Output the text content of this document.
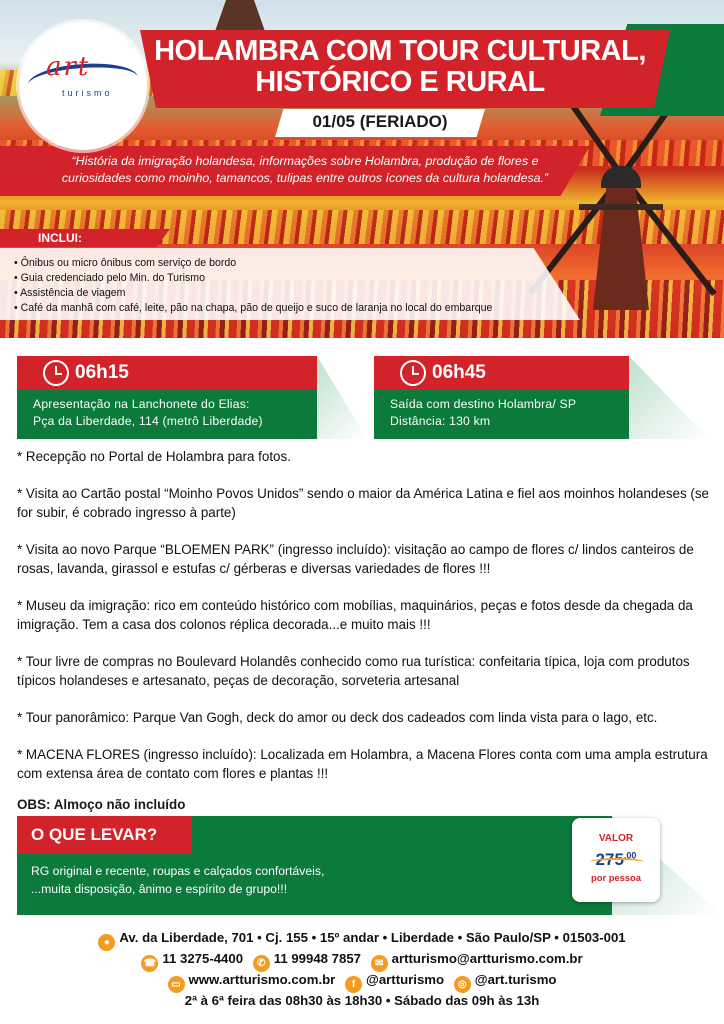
HOLAMBRA COM TOUR CULTURAL,
HISTÓRICO E RURAL
01/05 (FERIADO)
“História da imigração holandesa, informações sobre Holambra, produção de flores e
curiosidades como moinho, tamancos, tulipas entre outros ícones da cultura holandesa.”
INCLUI:
• Ônibus ou micro ônibus com serviço de bordo
• Guia credenciado pelo Min. do Turismo
• Assistência de viagem
• Café da manhã com café, leite, pão na chapa, pão de queijo e suco de laranja no local do embarque
art
turismo
06h15
Apresentação na Lanchonete do Elias:
Pça da Liberdade, 114 (metrô Liberdade)
06h45
Saída com destino Holambra/ SP
Distância: 130 km

* Recepção no Portal de Holambra para fotos.

* Visita ao Cartão postal “Moinho Povos Unidos” sendo o maior da América Latina e fiel aos moinhos holandeses (se for subir, é cobrado ingresso à parte)

* Visita ao novo Parque “BLOEMEN PARK” (ingresso incluído): visitação ao campo de flores c/ lindos canteiros de rosas, lavanda, girassol e estufas c/ gérberas e diversas variedades de flores !!!

* Museu da imigração: rico em conteúdo histórico com mobílias, maquinários, peças e fotos desde da chegada da imigração. Tem a casa dos colonos réplica decorada...e muito mais !!!

* Tour livre de compras no Boulevard Holandês conhecido como rua turística: confeitaria típica, loja com produtos típicos holandeses e artesanato, peças de decoração, sorveteria artesanal

* Tour panorâmico: Parque Van Gogh, deck do amor ou deck dos cadeados com linda vista para o lago, etc.

* MACENA FLORES (ingresso incluído): Localizada em Holambra, a Macena Flores conta com uma ampla estrutura com extensa área de contato com flores e plantas !!!

OBS: Almoço não incluído
O QUE LEVAR?
RG original e recente, roupas e calçados confortáveis,
...muita disposição, ânimo e espírito de grupo!!!
VALOR
$275^{,00}$
por pessoa
● Av. da Liberdade, 701 • Cj. 155 • 15º andar • Liberdade • São Paulo/SP • 01503-001
☎ 11 3275-4400 ✆ 11 99948 7857 ✉ artturismo@artturismo.com.br
▭ www.artturismo.com.br f @artturismo ◎ @art.turismo
2ª à 6ª feira das 08h30 às 18h30 • Sábado das 09h às 13h
